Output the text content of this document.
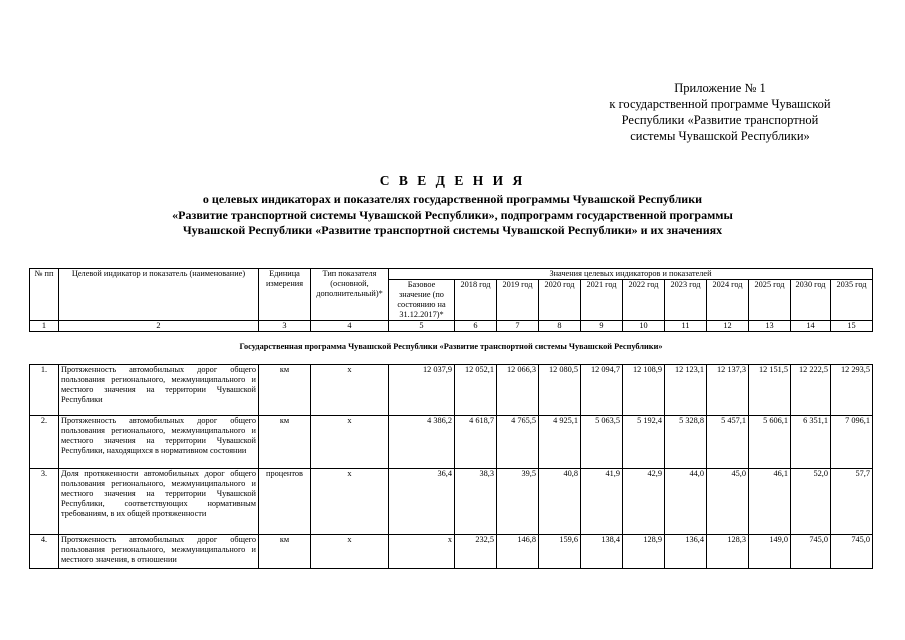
Приложение № 1
к государственной программе Чувашской
Республики «Развитие транспортной
системы Чувашской Республики»
С В Е Д Е Н И Я
о целевых индикаторах и показателях государственной программы Чувашской Республики
«Развитие транспортной системы Чувашской Республики», подпрограмм государственной программы
Чувашской Республики «Развитие транспортной системы Чувашской Республики» и их значениях
№ пп	Целевой индикатор и показатель (наименование)	Единица измерения	Тип показателя (основной, дополнительный)*	Значения целевых индикаторов и показателей										
				Базовое значение (по состоянию на 31.12.2017)*	2018 год	2019 год	2020 год	2021 год	2022 год	2023 год	2024 год	2025 год	2030 год	2035 год
1	2	3	4	5	6	7	8	9	10	11	12	13	14	15
Государственная программа Чувашской Республики «Развитие транспортной системы Чувашской Республики»														
1.	Протяженность автомобильных дорог общего пользования регионального, межмуниципального и местного значения на территории Чувашской Республики	км	х	12 037,9	12 052,1	12 066,3	12 080,5	12 094,7	12 108,9	12 123,1	12 137,3	12 151,5	12 222,5	12 293,5
2.	Протяженность автомобильных дорог общего пользования регионального, межмуниципального и местного значения на территории Чувашской Республики, находящихся в нормативном состоянии	км	х	4 386,2	4 618,7	4 765,5	4 925,1	5 063,5	5 192,4	5 328,8	5 457,1	5 606,1	6 351,1	7 096,1
3.	Доля протяженности автомобильных дорог общего пользования регионального, межмуниципального и местного значения на территории Чувашской Республики, соответствующих нормативным требованиям, в их общей протяженности	процентов	х	36,4	38,3	39,5	40,8	41,9	42,9	44,0	45,0	46,1	52,0	57,7
4.	Протяженность автомобильных дорог общего пользования регионального, межмуниципального и местного значения, в отношении	км	х	х	232,5	146,8	159,6	138,4	128,9	136,4	128,3	149,0	745,0	745,0
